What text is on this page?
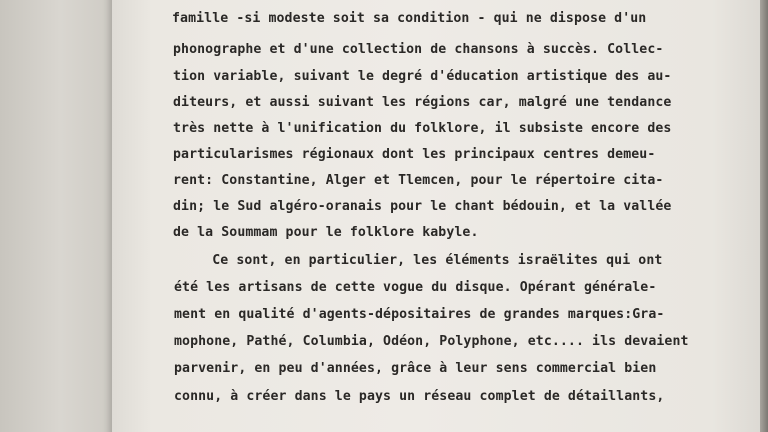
famille -si modeste soit sa condition - qui ne dispose d'un
phonographe et d'une collection de chansons à succès. Collec-
tion variable, suivant le degré d'éducation artistique des au-
diteurs, et aussi suivant les régions car, malgré une tendance
très nette à l'unification du folklore, il subsiste encore des
particularismes régionaux dont les principaux centres demeu-
rent: Constantine, Alger et Tlemcen, pour le répertoire cita-
din; le Sud algéro-oranais pour le chant bédouin, et la vallée
de la Soummam pour le folklore kabyle.
Ce sont, en particulier, les éléments israëlites qui ont
été les artisans de cette vogue du disque. Opérant générale-
ment en qualité d'agents-dépositaires de grandes marques:Gra-
mophone, Pathé, Columbia, Odéon, Polyphone, etc.... ils devaient
parvenir, en peu d'années, grâce à leur sens commercial bien
connu, à créer dans le pays un réseau complet de détaillants,
